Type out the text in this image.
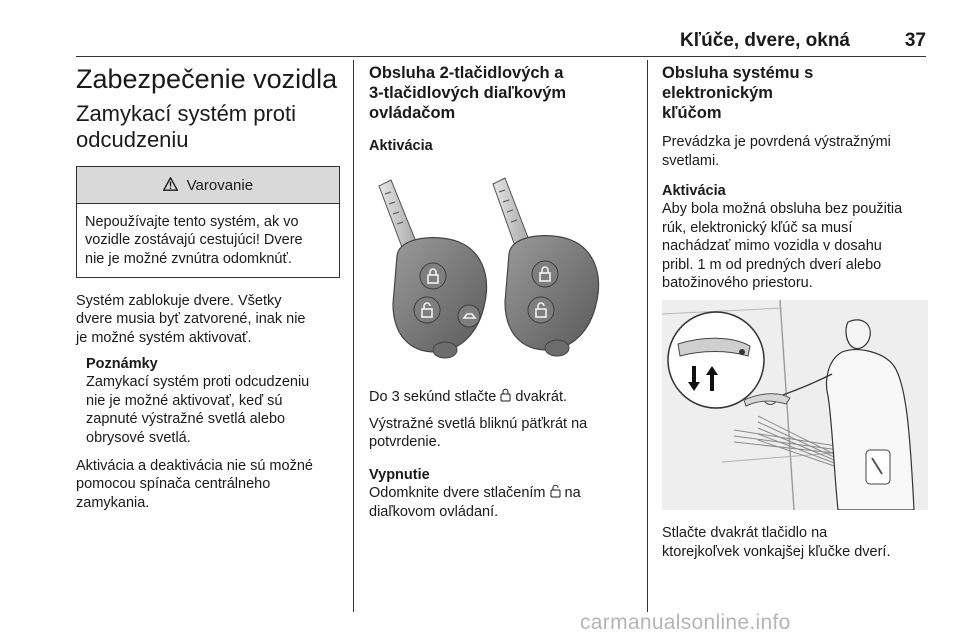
Kľúče, dvere, okná	37
Zabezpečenie vozidla
Zamykací systém proti
odcudzeniu
Varovanie

Nepoužívajte tento systém, ak vo
vozidle zostávajú cestujúci! Dvere
nie je možné zvnútra odomknúť.

Systém zablokuje dvere. Všetky
dvere musia byť zatvorené, inak nie
je možné systém aktivovať.

Poznámky

Zamykací systém proti odcudzeniu
nie je možné aktivovať, keď sú
zapnuté výstražné svetlá alebo
obrysové svetlá.

Aktivácia a deaktivácia nie sú možné
pomocou spínača centrálneho
zamykania.

Obsluha 2-tlačidlových a
3-tlačidlových diaľkovým
ovládačom
Aktivácia

Do 3 sekúnd stlačte  dvakrát.

Výstražné svetlá bliknú päťkrát na
potvrdenie.

Vypnutie

Odomknite dvere stlačením  na
diaľkovom ovládaní.

Obsluha systému s elektronickým
kľúčom

Prevádzka je povrdená výstražnými
svetlami.

Aktivácia

Aby bola možná obsluha bez použitia
rúk, elektronický kľúč sa musí
nachádzať mimo vozidla v dosahu
pribl. 1 m od predných dverí alebo
batožinového priestoru.

Stlačte dvakrát tlačidlo na
ktorejkoľvek vonkajšej kľučke dverí.

carmanualsonline.info
